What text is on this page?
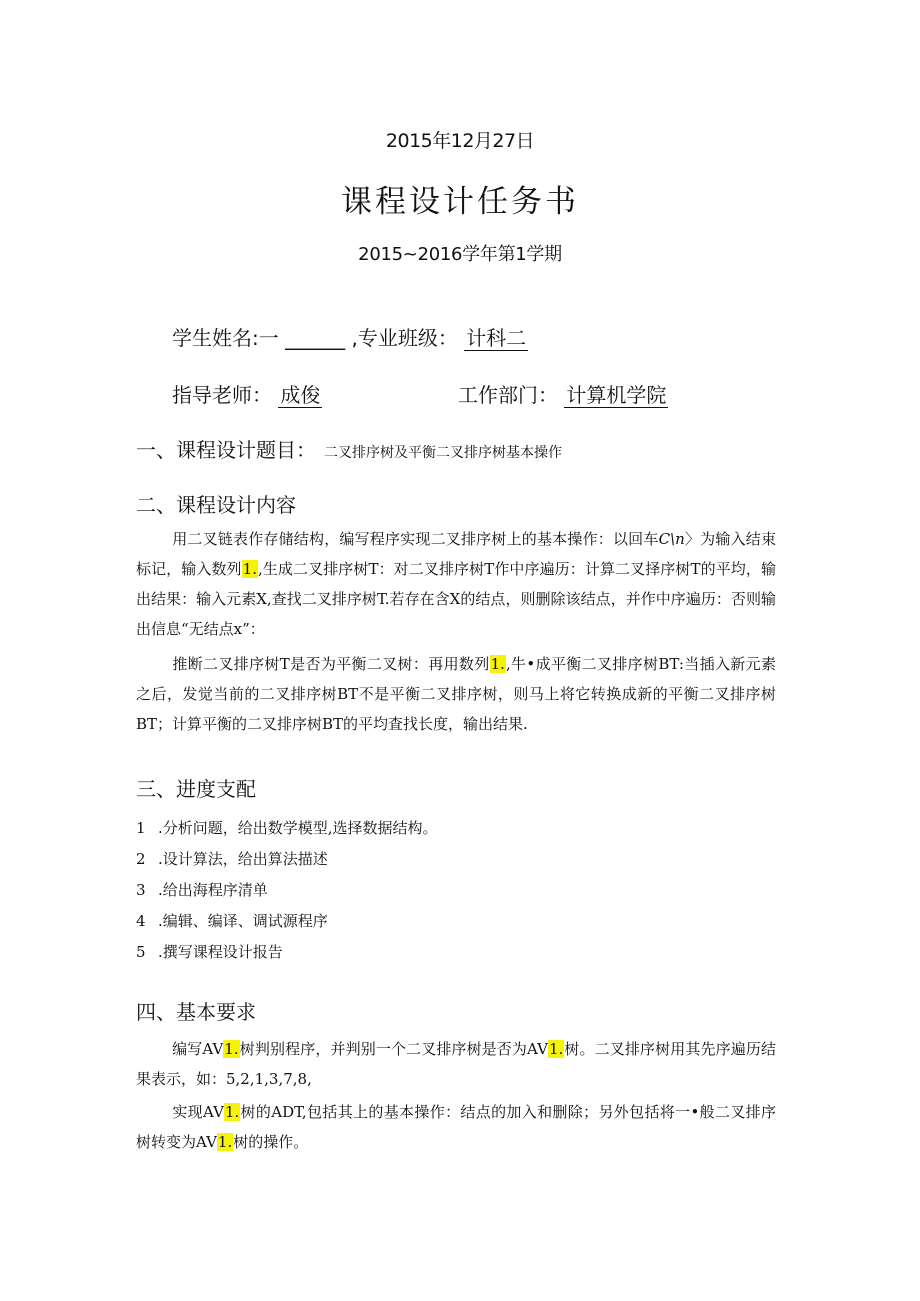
2015年12月27日
课程设计任务书
2015~2016学年第1学期
学生姓名:一 ______ ,专业班级： 计科二
指导老师： 成俊	工作部门： 计算机学院
一、课程设计题目： 二叉排序树及平衡二叉排序树基本操作
二、课程设计内容

用二叉链表作存储结构，编写程序实现二叉排序树上的基本操作：以回车C\n〉为输入结束标记，输入数列1.,生成二叉排序树T：对二叉排序树T作中序遍历：计算二叉择序树T的平均，输出结果：输入元素X,查找二叉排序树T.若存在含X的结点，则删除该结点，并作中序遍历：否则输出信息“无结点x”：

推断二叉排序树T是否为平衡二叉树：再用数列1.,牛•成平衡二叉排序树BT:当插入新元素之后，发觉当前的二叉排序树BT不是平衡二叉排序树，则马上将它转换成新的平衡二叉排序树BT；计算平衡的二叉排序树BT的平均査找长度，输出结果.

三、进度支配
1 .分析问题，给出数学模型,选择数据结构。
2 .设计算法，给出算法描述
3 .给出海程序清单
4 .编辑、编译、调试源程序
5 .撰写课程设计报告
四、基本要求

编写AV1.树判别程序，并判别一个二叉排序树是否为AV1.树。二叉排序树用其先序遍历结果表示，如：5,2,1,3,7,8,

实现AV1.树的ADT,包括其上的基本操作：结点的加入和删除；另外包括将一•般二叉排序树转变为AV1.树的操作。
